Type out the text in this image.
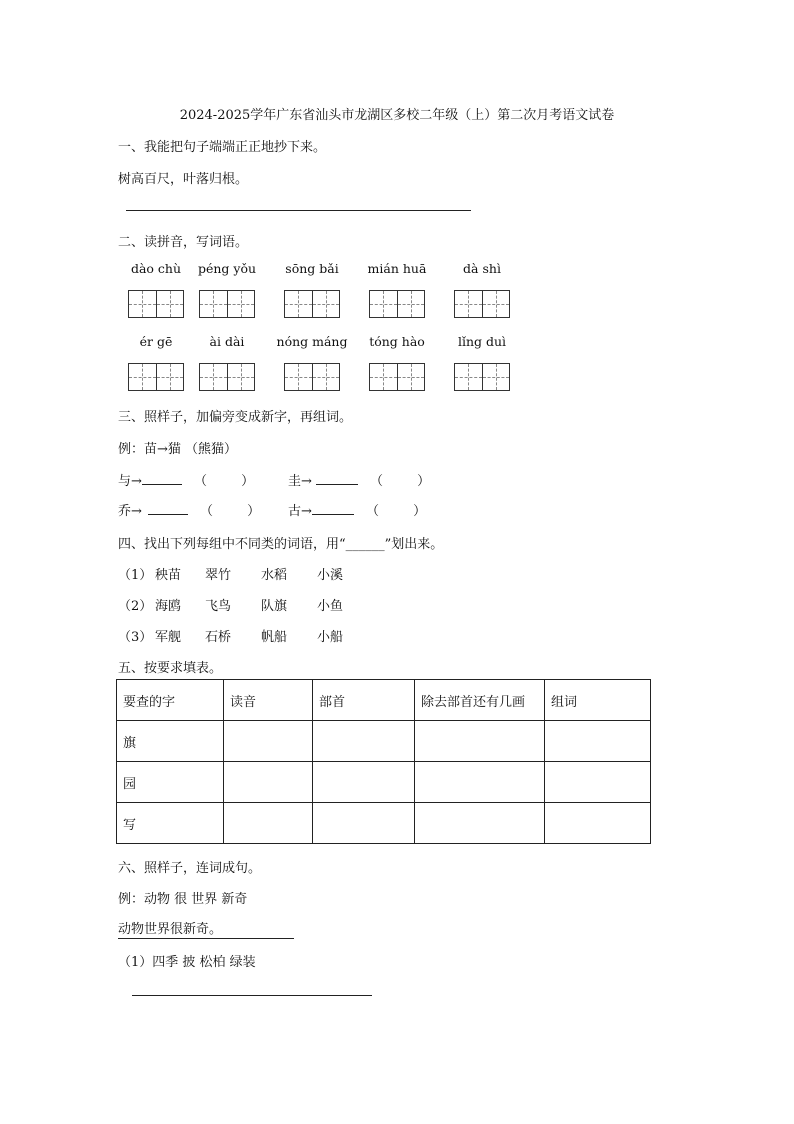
2024-2025学年广东省汕头市龙湖区多校二年级（上）第二次月考语文试卷
一、我能把句子端端正正地抄下来。
树高百尺，叶落归根。
二、读拼音，写词语。
dào chù	péng yǒu	sōng bǎi	mián huā	dà shì
ér gē	ài dài	nóng máng	tóng hào	lǐng duì
三、照样子，加偏旁变成新字，再组词。
例：苗→猫 （熊猫）
与→	（	）	圭→	（	）
乔→	（	） 古→	（	）
四、找出下列每组中不同类的词语，用“______”划出来。
（1） 秧苗 翠竹 水稻 小溪
（2） 海鸥 飞鸟 队旗 小鱼
（3） 军舰 石桥 帆船 小船
五、按要求填表。
要查的字	读音	部首	除去部首还有几画	组词
旗				
园				
写				
六、照样子，连词成句。
例：动物 很 世界 新奇
动物世界很新奇。
（1）四季 披 松柏 绿装
